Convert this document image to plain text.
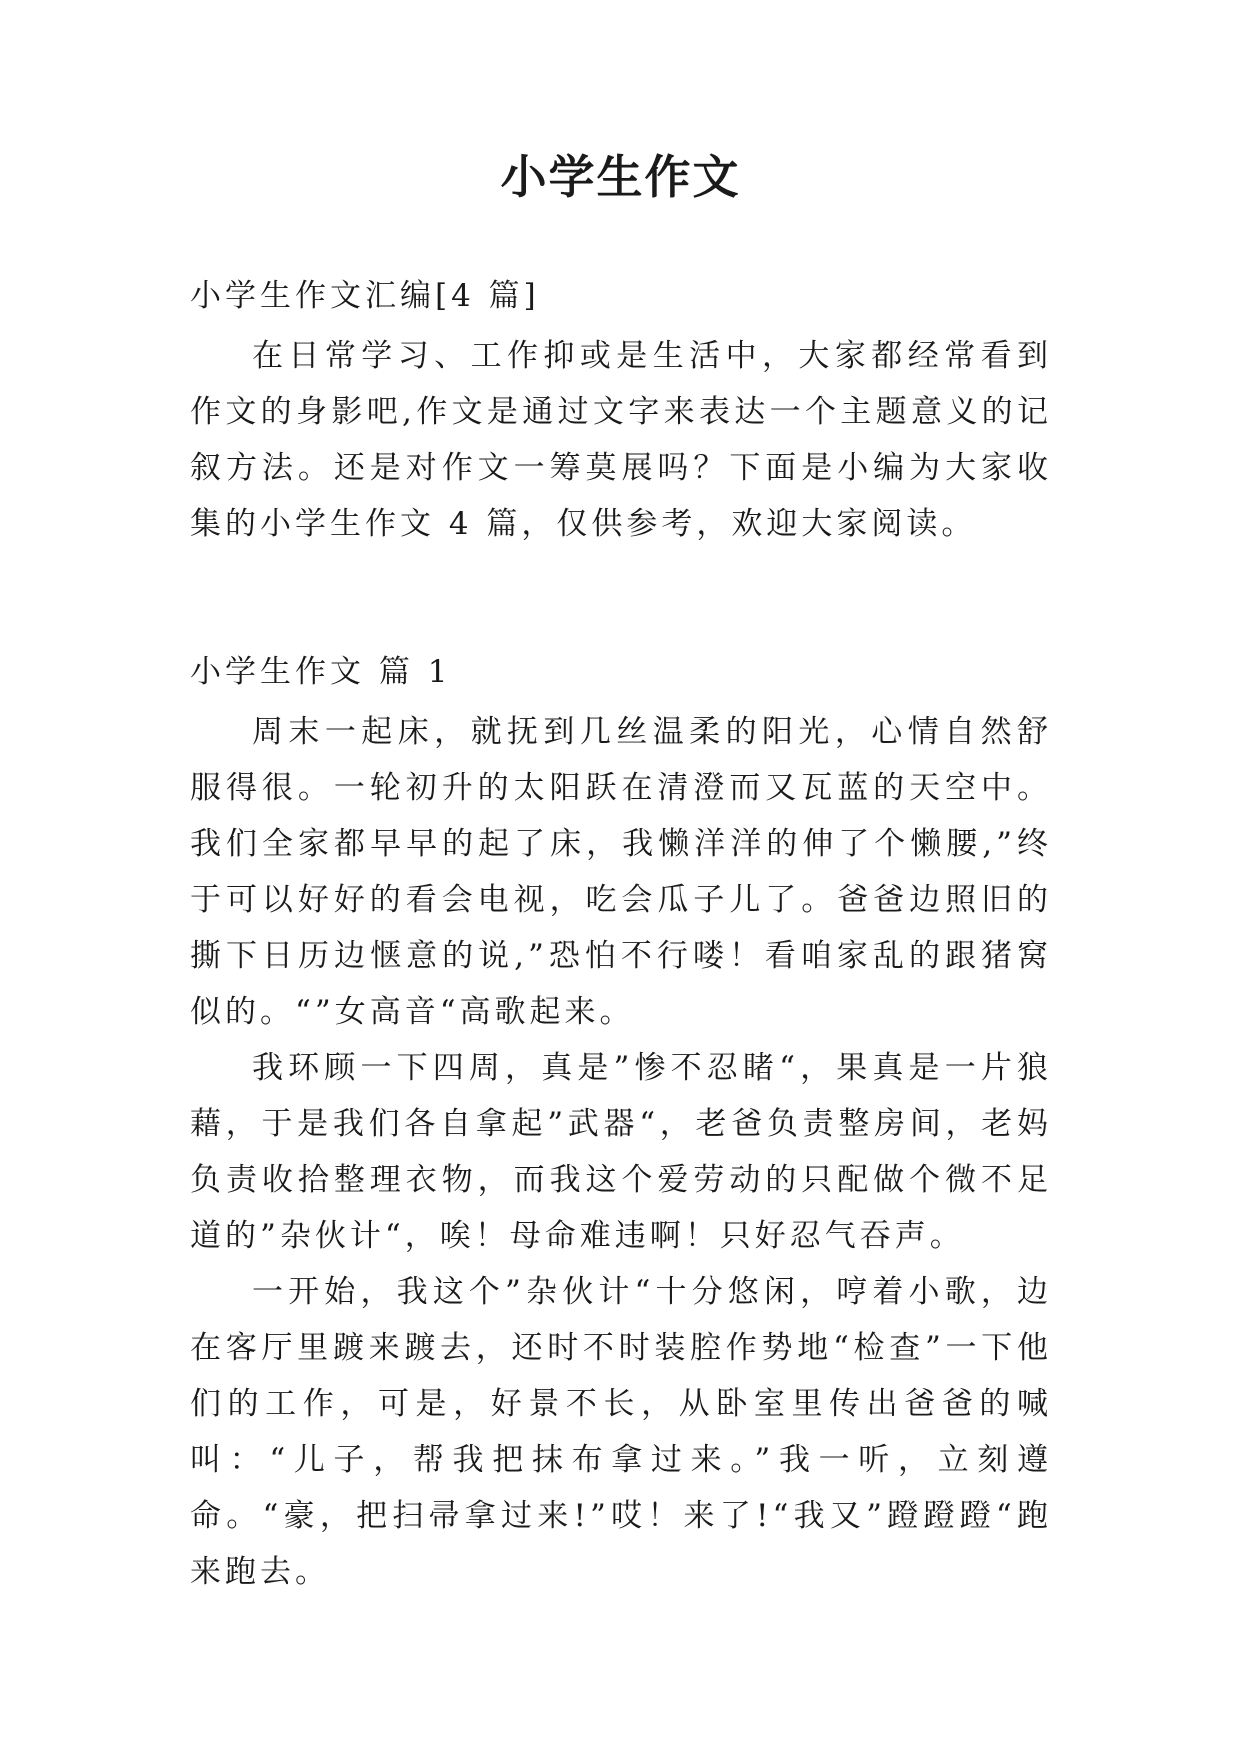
小学生作文

小学生作文汇编[4 篇]

在日常学习、工作抑或是生活中，大家都经常看到作文的身影吧,作文是通过文字来表达一个主题意义的记叙方法。还是对作文一筹莫展吗？下面是小编为大家收集的小学生作文 4 篇，仅供参考，欢迎大家阅读。

小学生作文 篇 1

周末一起床，就抚到几丝温柔的阳光，心情自然舒服得很。一轮初升的太阳跃在清澄而又瓦蓝的天空中。我们全家都早早的起了床，我懒洋洋的伸了个懒腰,”终于可以好好的看会电视，吃会瓜子儿了。爸爸边照旧的撕下日历边惬意的说,”恐怕不行喽！看咱家乱的跟猪窝似的。“”女高音“高歌起来。

我环顾一下四周，真是”惨不忍睹“，果真是一片狼藉，于是我们各自拿起”武器“，老爸负责整房间，老妈负责收拾整理衣物，而我这个爱劳动的只配做个微不足道的”杂伙计“，唉！母命难违啊！只好忍气吞声。

一开始，我这个”杂伙计“十分悠闲，哼着小歌，边在客厅里踱来踱去，还时不时装腔作势地“检查”一下他们的工作，可是，好景不长，从卧室里传出爸爸的喊叫：“儿子，帮我把抹布拿过来。”我一听，立刻遵命。“豪，把扫帚拿过来!”哎！来了!“我又”蹬蹬蹬“跑来跑去。
